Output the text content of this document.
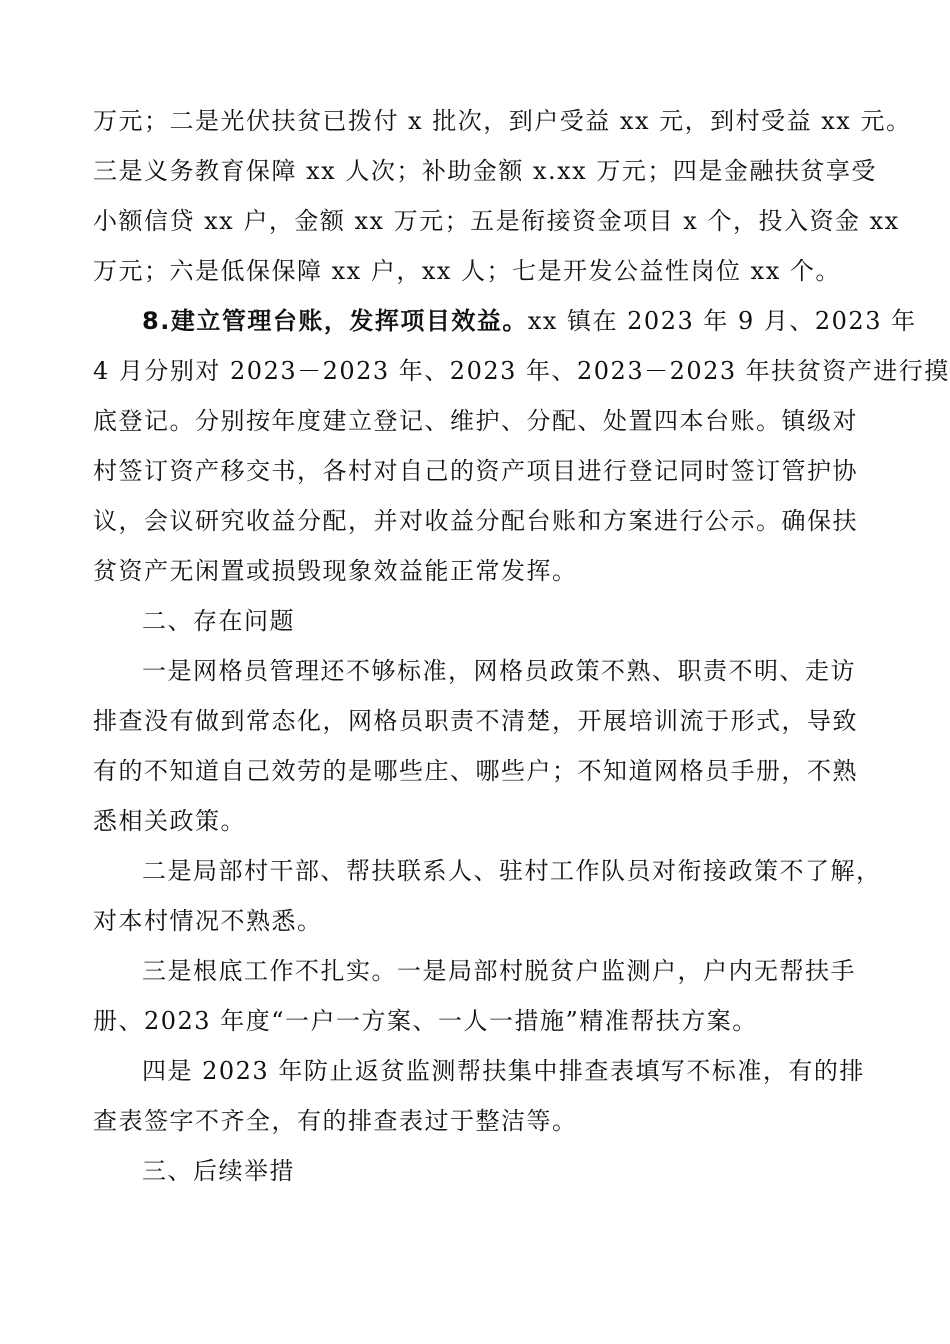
万元；二是光伏扶贫已拨付 x 批次，到户受益 xx 元，到村受益 xx 元。
三是义务教育保障 xx 人次；补助金额 x.xx 万元；四是金融扶贫享受
小额信贷 xx 户，金额 xx 万元；五是衔接资金项目 x 个，投入资金 xx
万元；六是低保保障 xx 户，xx 人；七是开发公益性岗位 xx 个。
8.建立管理台账，发挥项目效益。xx 镇在 2023 年 9 月、2023 年
4 月分别对 2023－2023 年、2023 年、2023－2023 年扶贫资产进行摸
底登记。分别按年度建立登记、维护、分配、处置四本台账。镇级对
村签订资产移交书，各村对自己的资产项目进行登记同时签订管护协
议，会议研究收益分配，并对收益分配台账和方案进行公示。确保扶
贫资产无闲置或损毁现象效益能正常发挥。
二、存在问题
一是网格员管理还不够标准，网格员政策不熟、职责不明、走访
排查没有做到常态化，网格员职责不清楚，开展培训流于形式，导致
有的不知道自己效劳的是哪些庄、哪些户；不知道网格员手册，不熟
悉相关政策。
二是局部村干部、帮扶联系人、驻村工作队员对衔接政策不了解，
对本村情况不熟悉。
三是根底工作不扎实。一是局部村脱贫户监测户，户内无帮扶手
册、2023 年度“一户一方案、一人一措施”精准帮扶方案。
四是 2023 年防止返贫监测帮扶集中排查表填写不标准，有的排
查表签字不齐全，有的排查表过于整洁等。
三、后续举措
